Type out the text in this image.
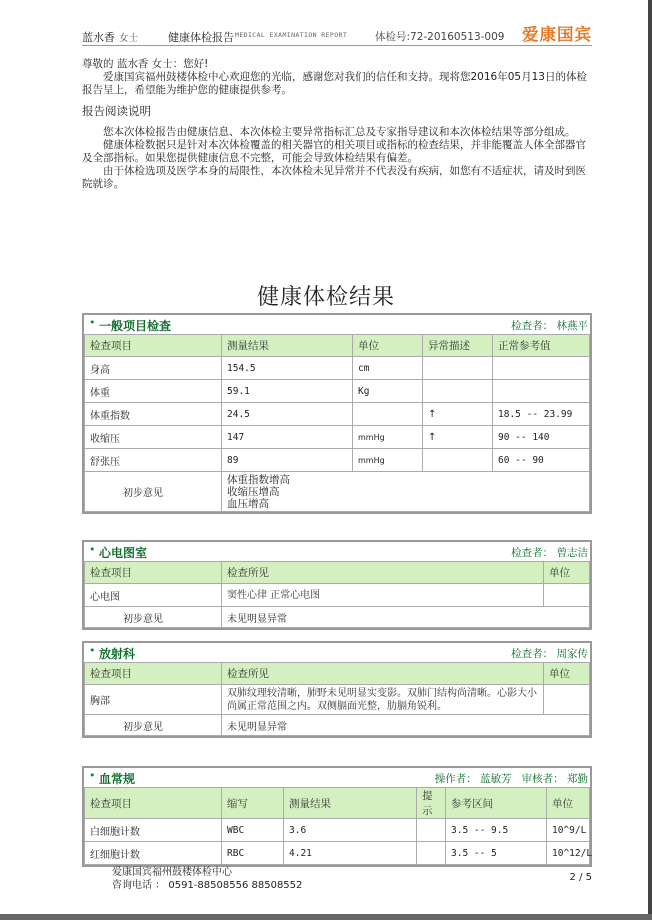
蓝水香 女士	健康体检报告 MEDICAL EXAMINATION REPORT	体检号:72-20160513-009 爱康国宾

尊敬的 蓝水香 女士：您好!

爱康国宾福州鼓楼体检中心欢迎您的光临，感谢您对我们的信任和支持。现将您2016年05月13日的体检报告呈上，希望能为维护您的健康提供参考。

报告阅读说明

您本次体检报告由健康信息、本次体检主要异常指标汇总及专家指导建议和本次体检结果等部分组成。

健康体检数据只是针对本次体检覆盖的相关器官的相关项目或指标的检查结果，并非能覆盖人体全部器官及全部指标。如果您提供健康信息不完整，可能会导致体检结果有偏差。

由于体检选项及医学本身的局限性，本次体检未见异常并不代表没有疾病，如您有不适症状，请及时到医院就诊。

健康体检结果
• 一般项目检查	检查者： 林燕平
检查项目	测量结果	单位	异常描述	正常参考值
身高	154.5	cm		
体重	59.1	Kg		
体重指数	24.5		↑	18.5 -- 23.99
收缩压	147	mmHg	↑	90 -- 140
舒张压	89	mmHg		60 -- 90
初步意见	体重指数增高
收缩压增高
血压增高			
• 心电图室	检查者： 曾志洁
检查项目	检查所见	单位
心电图	窦性心律 正常心电图	
初步意见	未见明显异常	
• 放射科	检查者： 周家传
检查项目	检查所见	单位
胸部	双肺纹理较清晰，肺野未见明显实变影。双肺门结构尚清晰。心影大小尚属正常范围之内。双侧膈面光整，肋膈角锐利。	
初步意见	未见明显异常	
• 血常规	操作者： 蓝敏芳 审核者： 郑勤
检查项目	缩写	测量结果	提示	参考区间	单位
白细胞计数	WBC	3.6		3.5 -- 9.5	10^9/L
红细胞计数	RBC	4.21		3.5 -- 5	10^12/L
爱康国宾福州鼓楼体检中心
咨询电话 ： 0591-88508556 88508552
2 / 5
